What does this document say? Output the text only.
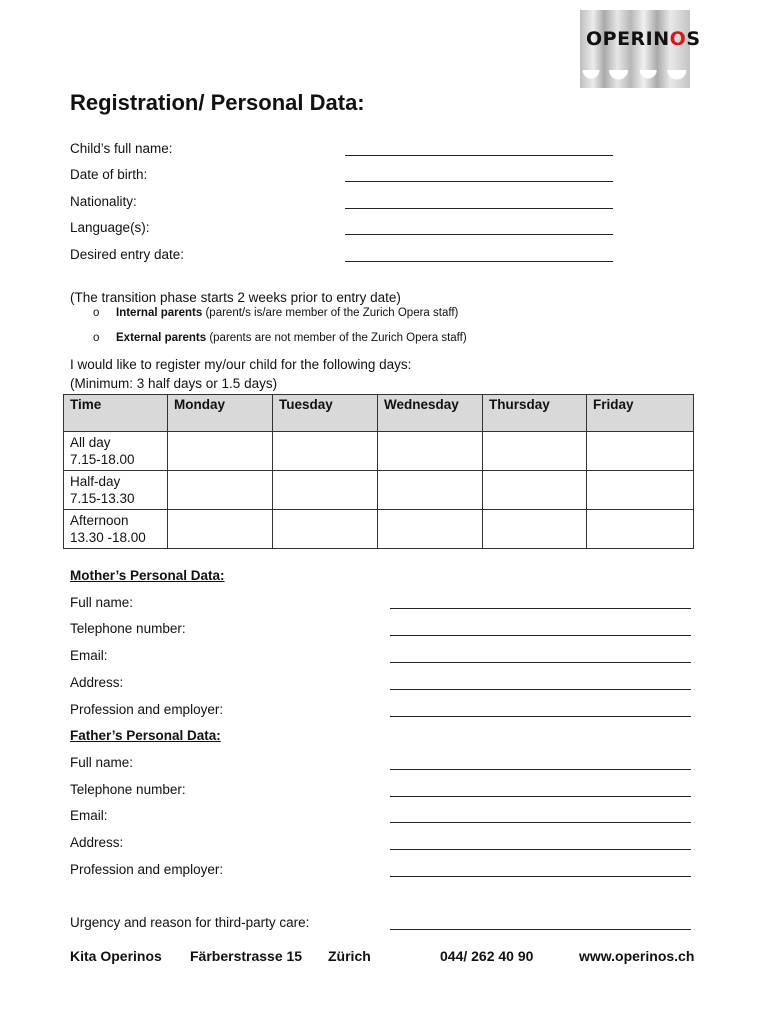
OPERINOS
Registration/ Personal Data:
Child’s full name:
Date of birth:
Nationality:
Language(s):
Desired entry date:
(The transition phase starts 2 weeks prior to entry date)
o Internal parents (parent/s is/are member of the Zurich Opera staff)
o External parents (parents are not member of the Zurich Opera staff)
I would like to register my/our child for the following days:
(Minimum: 3 half days or 1.5 days)
Time	Monday	Tuesday	Wednesday	Thursday	Friday
All day
7.15-18.00					
Half-day
7.15-13.30					
Afternoon
13.30 -18.00					
Mother’s Personal Data:
Full name:
Telephone number:
Email:
Address:
Profession and employer:
Father’s Personal Data:
Full name:
Telephone number:
Email:
Address:
Profession and employer:
Urgency and reason for third-party care:
Kita Operinos Färberstrasse 15 Zürich	044/ 262 40 90	www.operinos.ch
